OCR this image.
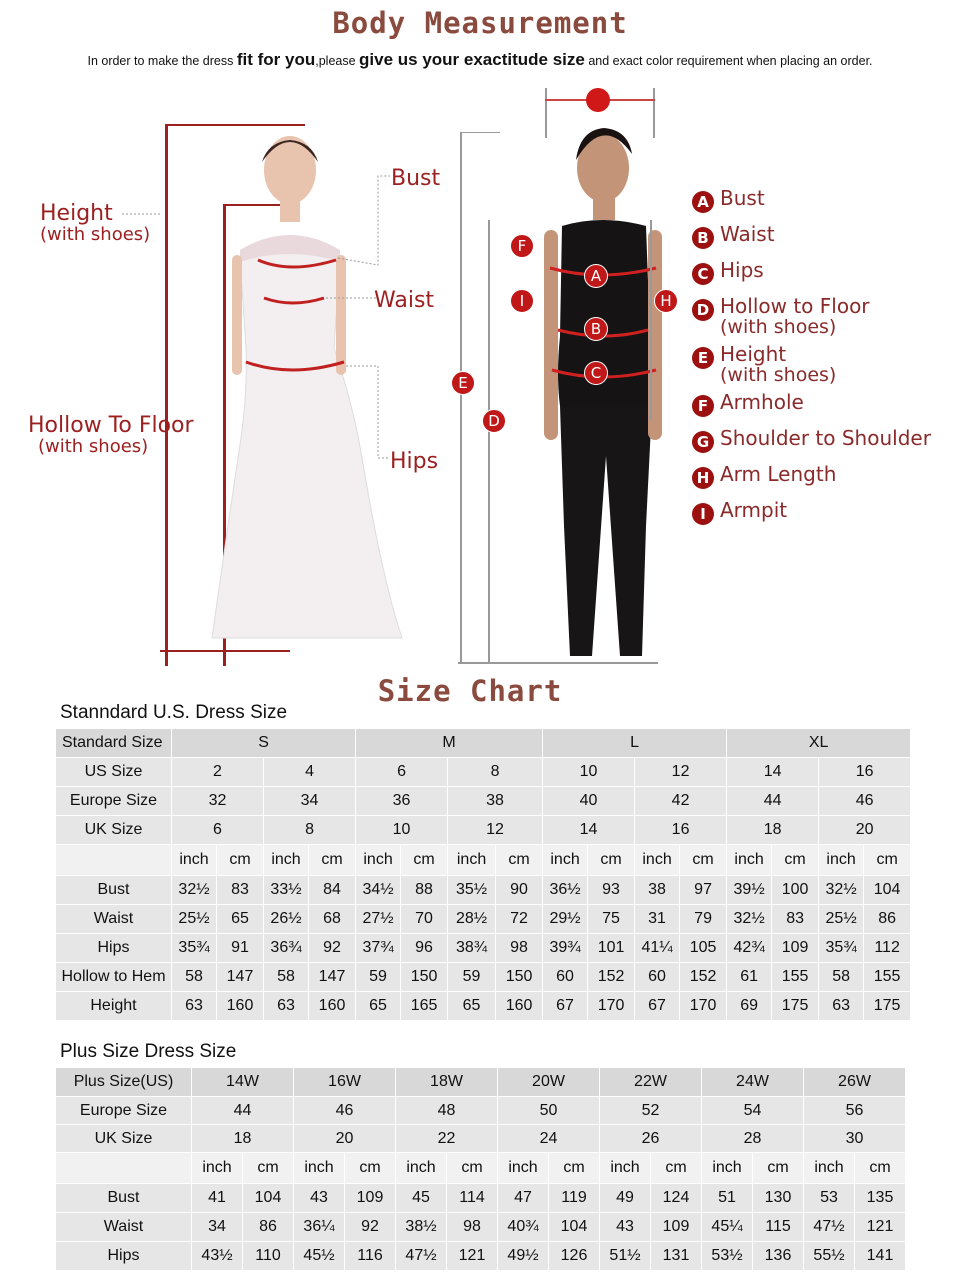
Body Measurement
In order to make the dress fit for you,please give us your exactitude size and exact color requirement when placing an order.
Height
(with shoes)
Hollow To Floor
(with shoes)
Bust
Waist
Hips
F
A
I	H
B
C
E
D
A Bust
B Waist
C Hips
D Hollow to Floor
(with shoes)
E Height
(with shoes)
F Armhole
G Shoulder to Shoulder
H Arm Length
I Armpit
Size Chart
Stanndard U.S. Dress Size
Standard Size	S				M				L				XL			
US Size	2		4		6		8		10		12		14		16	
Europe Size	32		34		36		38		40		42		44		46	
UK Size	6		8		10		12		14		16		18		20	
	inch	cm	inch	cm	inch	cm	inch	cm	inch	cm	inch	cm	inch	cm	inch	cm
Bust	32½	83	33½	84	34½	88	35½	90	36½	93	38	97	39½	100	32½	104
Waist	25½	65	26½	68	27½	70	28½	72	29½	75	31	79	32½	83	25½	86
Hips	35¾	91	36¾	92	37¾	96	38¾	98	39¾	101	41¼	105	42¾	109	35¾	112
Hollow to Hem	58	147	58	147	59	150	59	150	60	152	60	152	61	155	58	155
Height	63	160	63	160	65	165	65	160	67	170	67	170	69	175	63	175
Plus Size Dress Size
Plus Size(US)	14W		16W		18W		20W		22W		24W		26W	
Europe Size	44		46		48		50		52		54		56	
UK Size	18		20		22		24		26		28		30	
	inch	cm	inch	cm	inch	cm	inch	cm	inch	cm	inch	cm	inch	cm
Bust	41	104	43	109	45	114	47	119	49	124	51	130	53	135
Waist	34	86	36¼	92	38½	98	40¾	104	43	109	45¼	115	47½	121
Hips	43½	110	45½	116	47½	121	49½	126	51½	131	53½	136	55½	141
